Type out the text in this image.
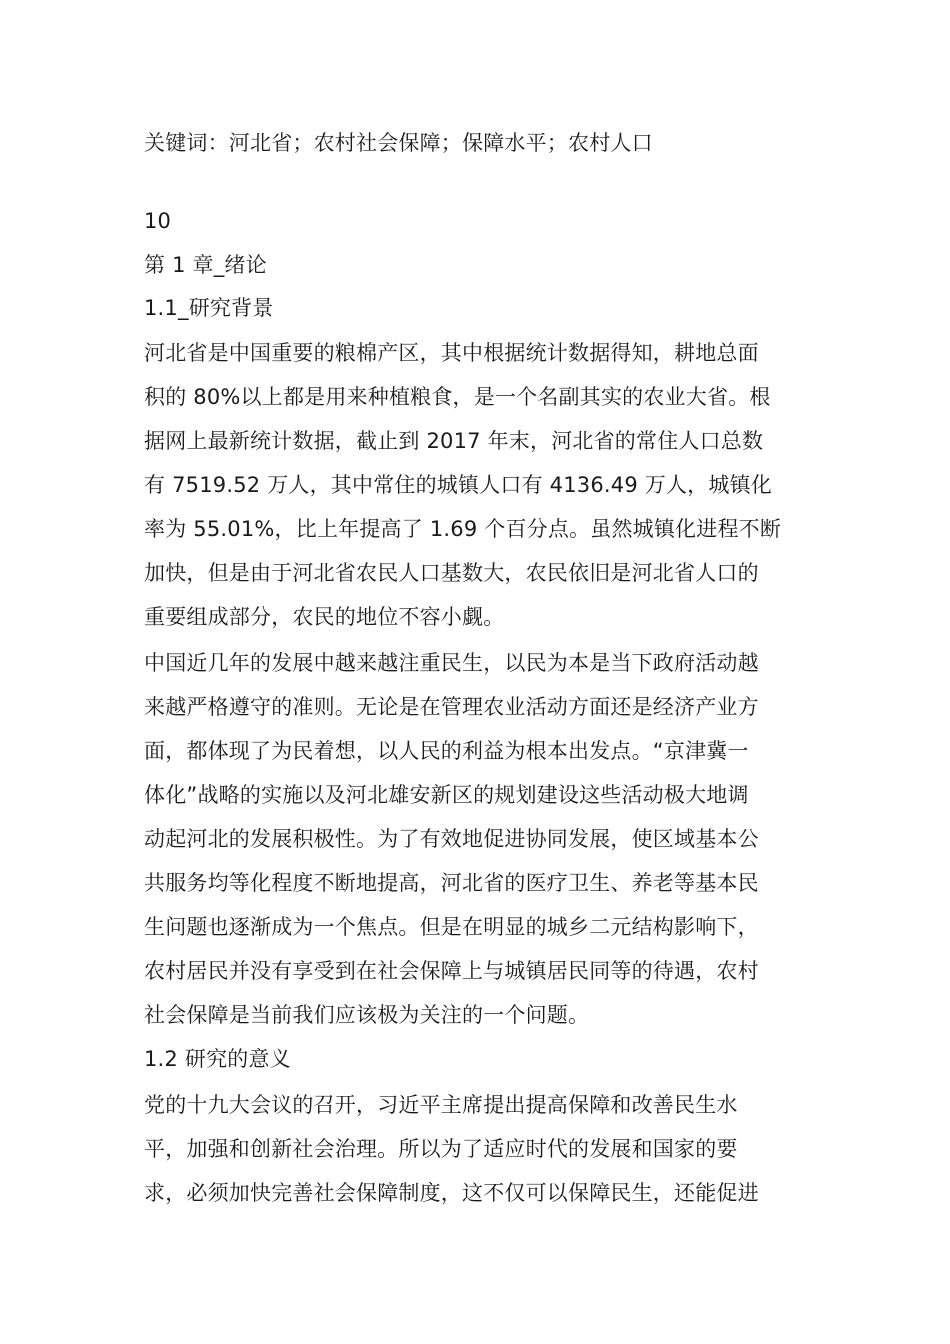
关键词：河北省；农村社会保障；保障水平；农村人口
10
第 1 章_绪论
1.1_研究背景
河北省是中国重要的粮棉产区，其中根据统计数据得知，耕地总面
积的 80%以上都是用来种植粮食，是一个名副其实的农业大省。根
据网上最新统计数据，截止到 2017 年末，河北省的常住人口总数
有 7519.52 万人，其中常住的城镇人口有 4136.49 万人，城镇化
率为 55.01%，比上年提高了 1.69 个百分点。虽然城镇化进程不断
加快，但是由于河北省农民人口基数大，农民依旧是河北省人口的
重要组成部分，农民的地位不容小觑。
中国近几年的发展中越来越注重民生，以民为本是当下政府活动越
来越严格遵守的准则。无论是在管理农业活动方面还是经济产业方
面，都体现了为民着想，以人民的利益为根本出发点。“京津冀一
体化”战略的实施以及河北雄安新区的规划建设这些活动极大地调
动起河北的发展积极性。为了有效地促进协同发展，使区域基本公
共服务均等化程度不断地提高，河北省的医疗卫生、养老等基本民
生问题也逐渐成为一个焦点。但是在明显的城乡二元结构影响下，
农村居民并没有享受到在社会保障上与城镇居民同等的待遇，农村
社会保障是当前我们应该极为关注的一个问题。
1.2 研究的意义
党的十九大会议的召开，习近平主席提出提高保障和改善民生水
平，加强和创新社会治理。所以为了适应时代的发展和国家的要
求，必须加快完善社会保障制度，这不仅可以保障民生，还能促进
